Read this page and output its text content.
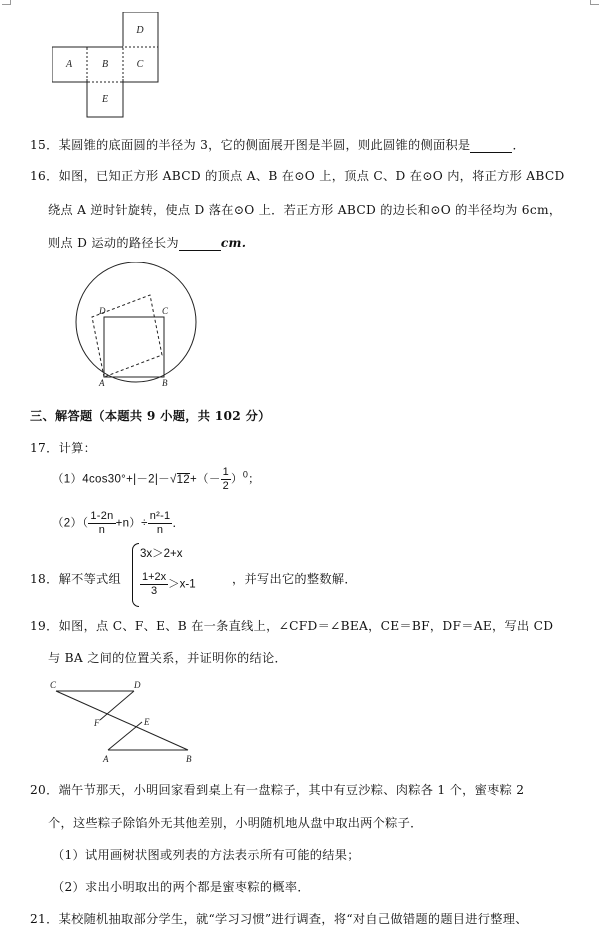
D
A	B	C
E
15．某圆锥的底面圆的半径为 3，它的侧面展开图是半圆，则此圆锥的侧面积是	．
16．如图，已知正方形 ABCD 的顶点 A、B 在⊙O 上，顶点 C、D 在⊙O 内，将正方形 ABCD
绕点 A 逆时针旋转，使点 D 落在⊙O 上．若正方形 ABCD 的边长和⊙O 的半径均为 6cm，
则点 D 运动的路径长为	cm.
A	B
C
D
三、解答题（本题共 9 小题，共 102 分）
17．计算：
$(1)4\cos 30^\circ+|-2|-√12+(- \frac{1}{2} )^0$；
$(2)( \frac{1-2n}{n} +n)\div \frac{\text{n²-1}}{n}$ ．
18．解不等式组
3x＞2+x
$\frac{1+2x}{3} >x-1$	，并写出它的整数解．
19．如图，点 C、F、E、B 在一条直线上，∠CFD＝∠BEA，CE＝BF，DF＝AE，写出 CD
与 BA 之间的位置关系，并证明你的结论．
C	D
F	E
A	B
20．端午节那天，小明回家看到桌上有一盘粽子，其中有豆沙粽、肉粽各 1 个，蜜枣粽 2
个，这些粽子除馅外无其他差别，小明随机地从盘中取出两个粽子．
（1）试用画树状图或列表的方法表示所有可能的结果；
（2）求出小明取出的两个都是蜜枣粽的概率．
21．某校随机抽取部分学生，就“学习习惯”进行调查，将“对自己做错题的题目进行整理、
